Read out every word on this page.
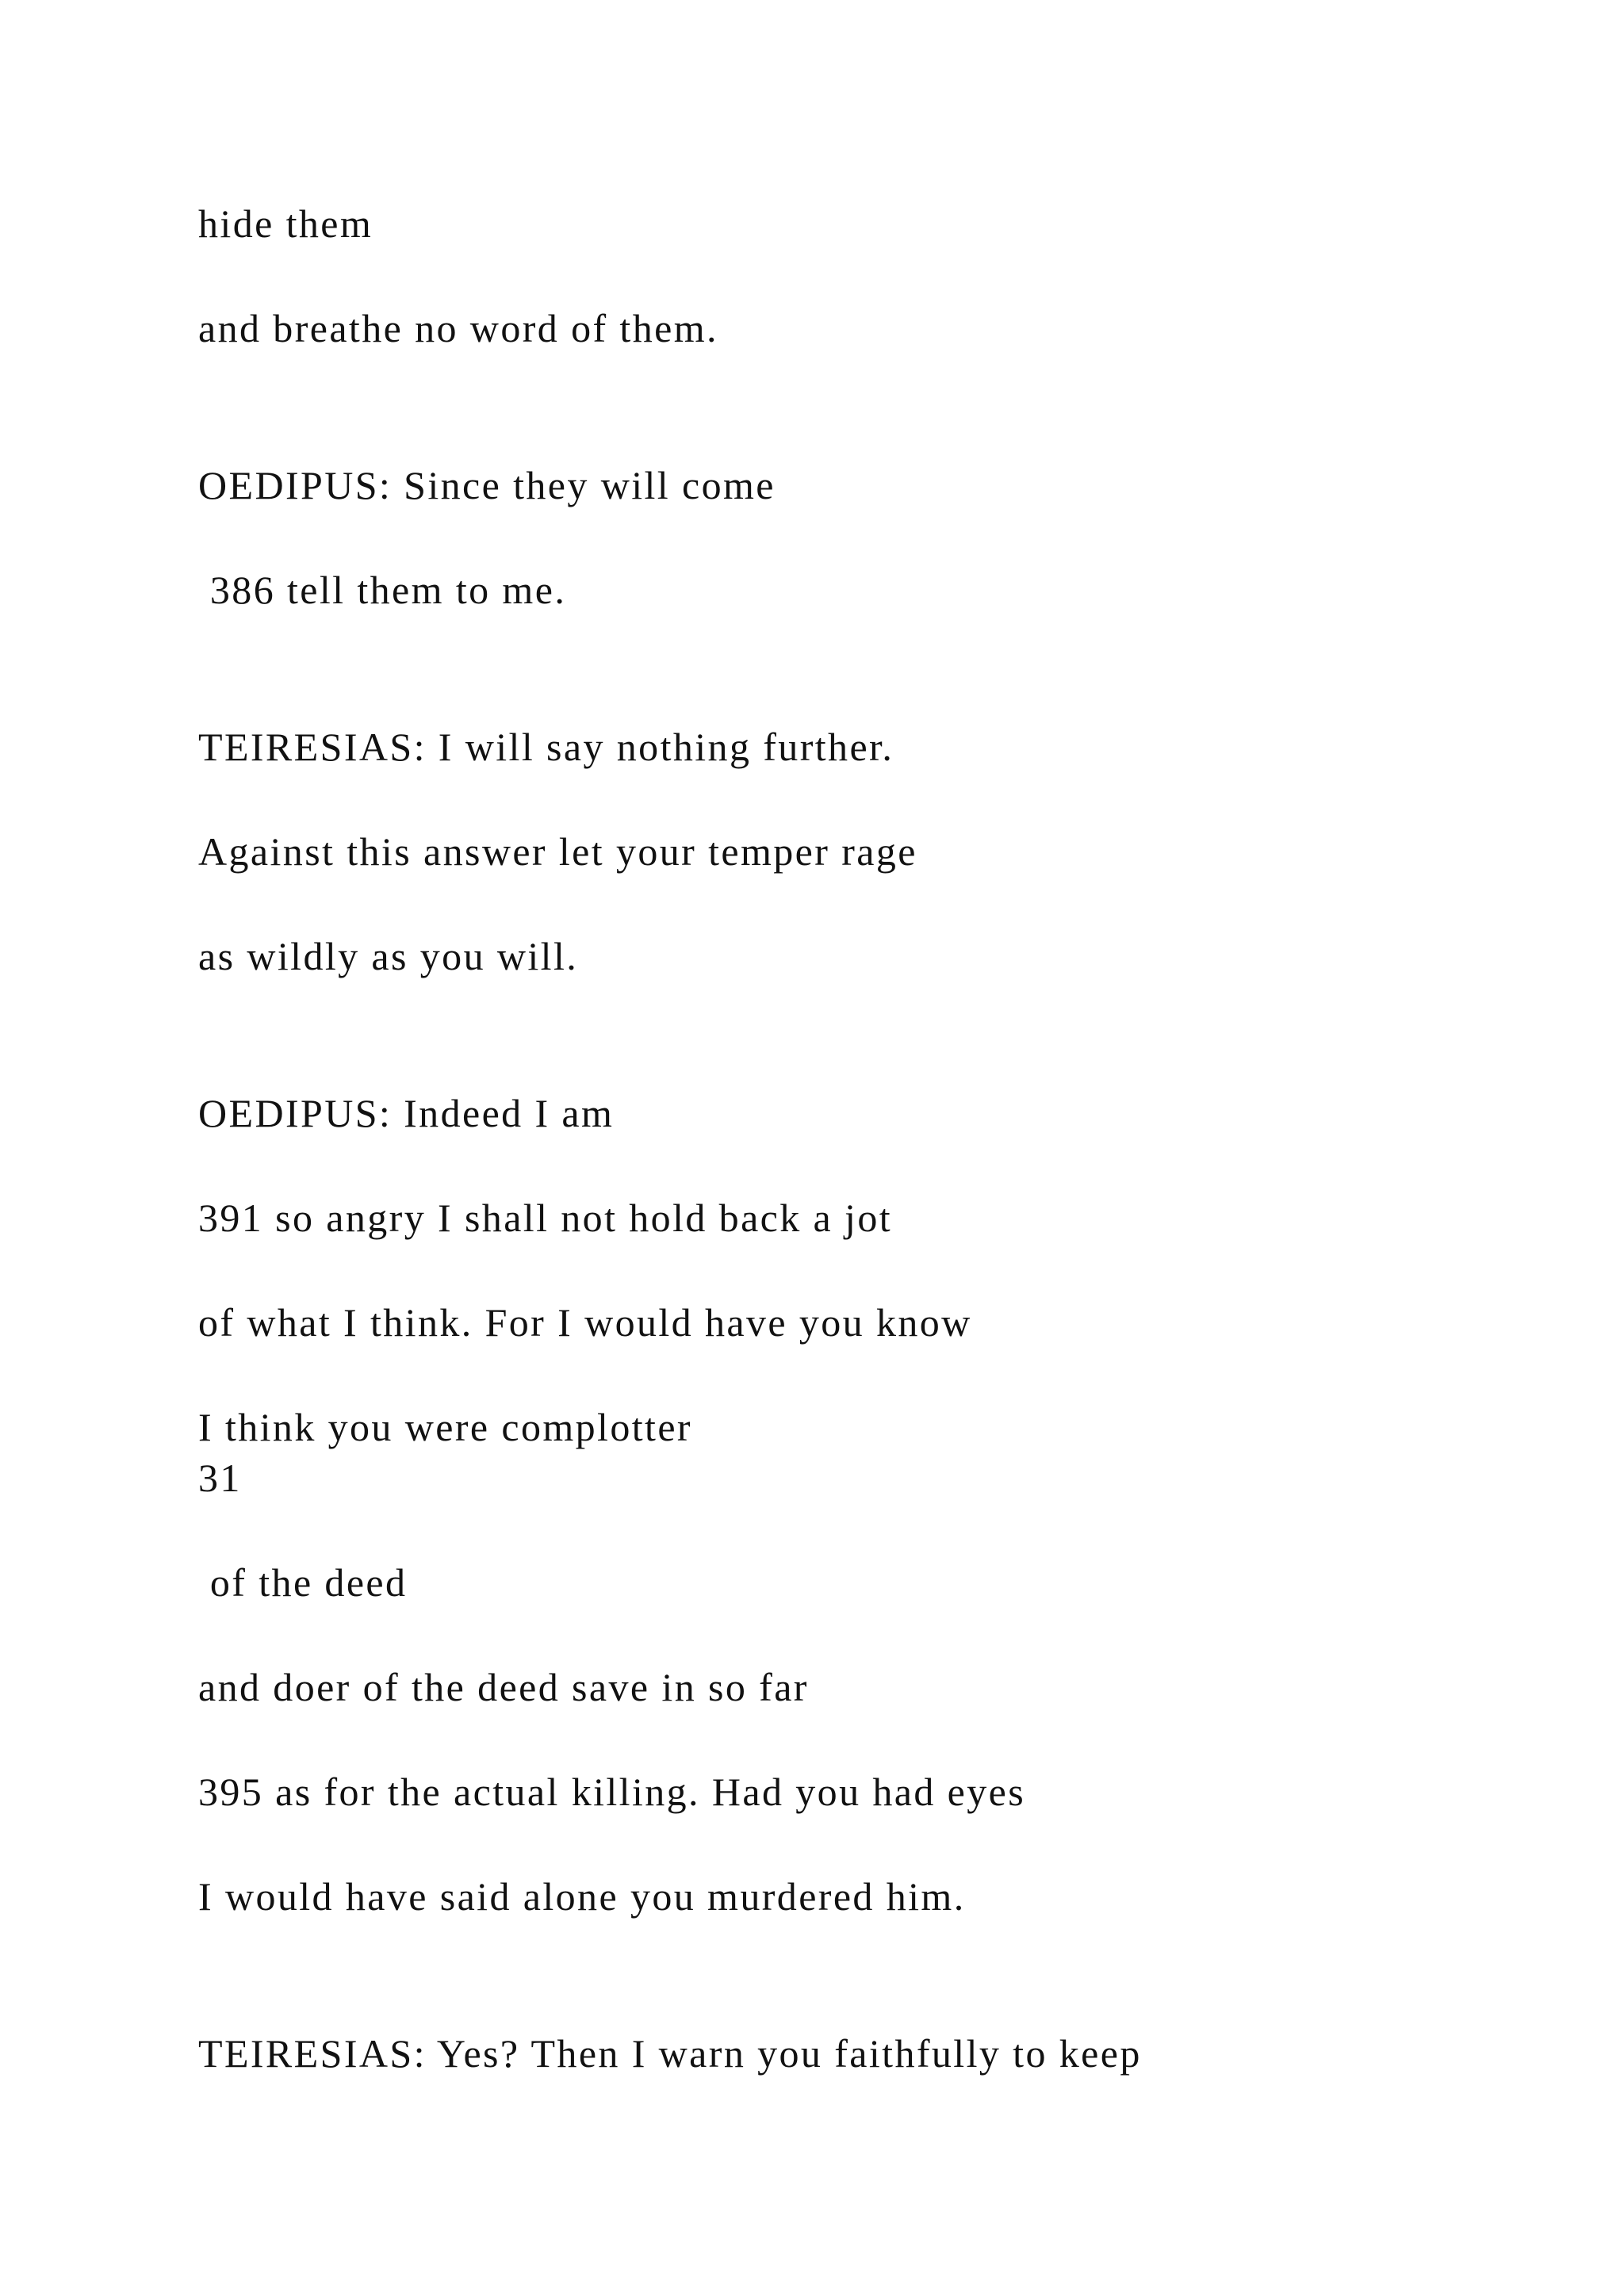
hide them

and breathe no word of them.

OEDIPUS: Since they will come

386 tell them to me.

TEIRESIAS: I will say nothing further.

Against this answer let your temper rage

as wildly as you will.

OEDIPUS: Indeed I am

391 so angry I shall not hold back a jot

of what I think. For I would have you know

I think you were complotter

31

of the deed

and doer of the deed save in so far

395 as for the actual killing. Had you had eyes

I would have said alone you murdered him.

TEIRESIAS: Yes? Then I warn you faithfully to keep
